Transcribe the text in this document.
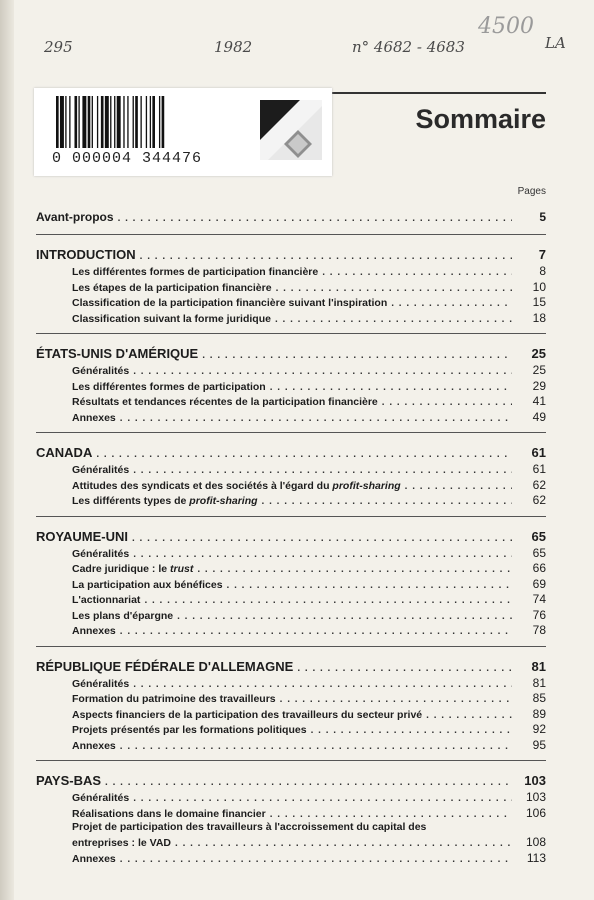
295	1982	n° 4682 - 4683
4500
LA
0 000004 344476
Sommaire
Pages
Avant-propos . . .	5
INTRODUCTION . . .	7
Les différentes formes de participation financière . . .	8
Les étapes de la participation financière . . .	10
Classification de la participation financière suivant l'inspiration . . .	15
Classification suivant la forme juridique . . .	18
ÉTATS-UNIS D'AMÉRIQUE . . .	25
Généralités . . .	25
Les différentes formes de participation . . .	29
Résultats et tendances récentes de la participation financière . . .	41
Annexes . . .	49
CANADA . . .	61
Généralités . . .	61
Attitudes des syndicats et des sociétés à l'égard du profit-sharing . . .	62
Les différents types de profit-sharing . . .	62
ROYAUME-UNI . . .	65
Généralités . . .	65
Cadre juridique : le trust . . .	66
La participation aux bénéfices . . .	69
L'actionnariat . . .	74
Les plans d'épargne . . .	76
Annexes . . .	78
RÉPUBLIQUE FÉDÉRALE D'ALLEMAGNE . . .	81
Généralités . . .	81
Formation du patrimoine des travailleurs . . .	85
Aspects financiers de la participation des travailleurs du secteur privé . . .	89
Projets présentés par les formations politiques . . .	92
Annexes . . .	95
PAYS-BAS . . .	103
Généralités . . .	103
Réalisations dans le domaine financier . . .	106
Projet de participation des travailleurs à l'accroissement du capital des
entreprises : le VAD . . .	108
Annexes . . .	113
